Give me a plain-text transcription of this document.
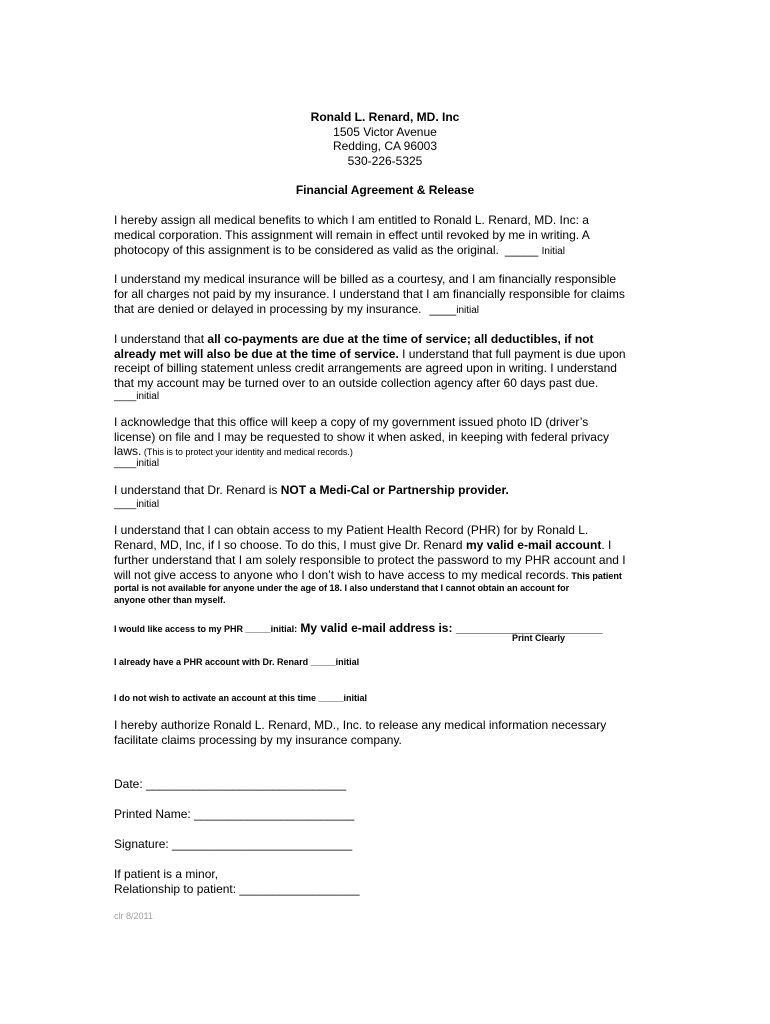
Ronald L. Renard, MD. Inc
1505 Victor Avenue
Redding, CA 96003
530-226-5325
Financial Agreement & Release
I hereby assign all medical benefits to which I am entitled to Ronald L. Renard, MD. Inc: a
medical corporation. This assignment will remain in effect until revoked by me in writing. A
photocopy of this assignment is to be considered as valid as the original. _____ Initial
I understand my medical insurance will be billed as a courtesy, and I am financially responsible
for all charges not paid by my insurance. I understand that I am financially responsible for claims
that are denied or delayed in processing by my insurance. ____initial
I understand that all co-payments are due at the time of service; all deductibles, if not
already met will also be due at the time of service. I understand that full payment is due upon
receipt of billing statement unless credit arrangements are agreed upon in writing. I understand
that my account may be turned over to an outside collection agency after 60 days past due.
____initial
I acknowledge that this office will keep a copy of my government issued photo ID (driver’s
license) on file and I may be requested to show it when asked, in keeping with federal privacy
laws. (This is to protect your identity and medical records.)
____initial
I understand that Dr. Renard is NOT a Medi-Cal or Partnership provider.
____initial
I understand that I can obtain access to my Patient Health Record (PHR) for by Ronald L.
Renard, MD, Inc, if I so choose. To do this, I must give Dr. Renard my valid e-mail account. I
further understand that I am solely responsible to protect the password to my PHR account and I
will not give access to anyone who I don’t wish to have access to my medical records. This patient
portal is not available for anyone under the age of 18. I also understand that I cannot obtain an account for
anyone other than myself.
I would like access to my PHR _____initial: My valid e-mail address is: ______________________
Print Clearly
I already have a PHR account with Dr. Renard _____initial
I do not wish to activate an account at this time _____initial
I hereby authorize Ronald L. Renard, MD., Inc. to release any medical information necessary
facilitate claims processing by my insurance company.
Date: ______________________________
Printed Name: ________________________
Signature: ___________________________
If patient is a minor,
Relationship to patient: __________________
clr 8/2011
